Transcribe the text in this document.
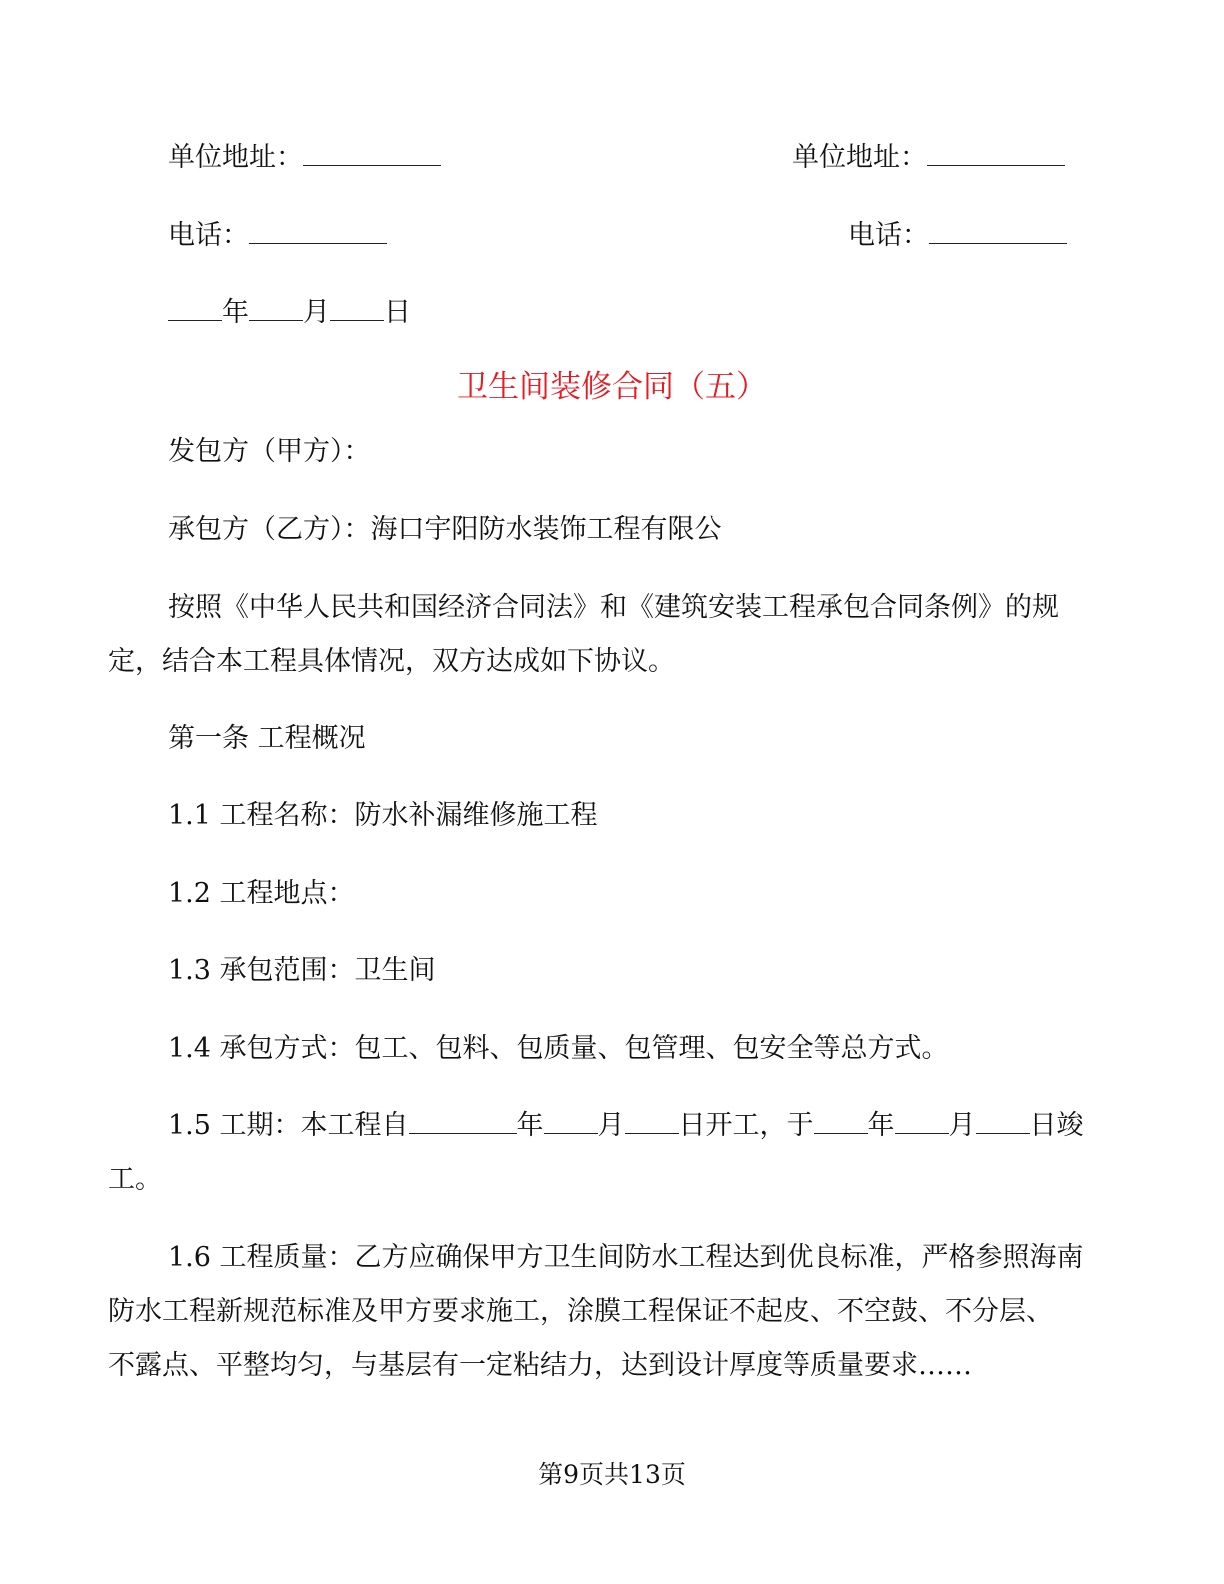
单位地址：	单位地址：
电话：	电话：
年 月 日
卫生间装修合同（五）
发包方（甲方）：
承包方（乙方）：海口宇阳防水装饰工程有限公
按照《中华人民共和国经济合同法》和《建筑安装工程承包合同条例》的规
定，结合本工程具体情况，双方达成如下协议。
第一条 工程概况
1.1 工程名称：防水补漏维修施工程
1.2 工程地点：
1.3 承包范围：卫生间
1.4 承包方式：包工、包料、包质量、包管理、包安全等总方式。
1.5 工期：本工程自	年 月 日开工，于 年 月 日竣
工。
1.6 工程质量：乙方应确保甲方卫生间防水工程达到优良标准，严格参照海南
防水工程新规范标准及甲方要求施工，涂膜工程保证不起皮、不空鼓、不分层、
不露点、平整均匀，与基层有一定粘结力，达到设计厚度等质量要求……
第9页共13页
